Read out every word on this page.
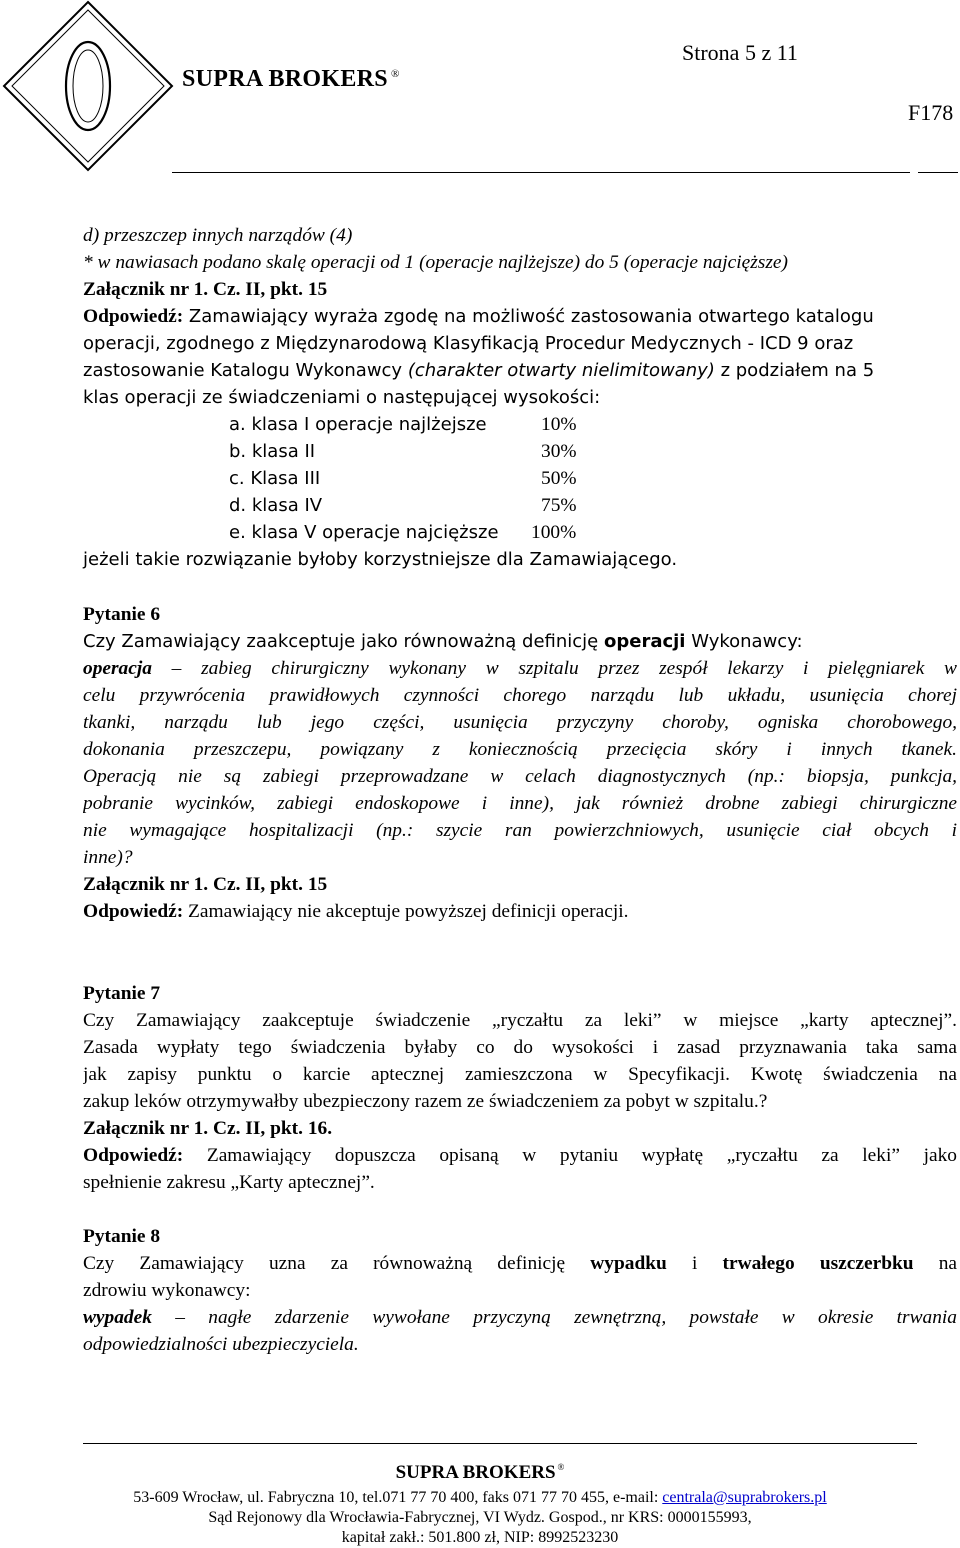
SUPRA BROKERS ®
Strona 5 z 11
F178
d) przeszczep innych narządów (4)
* w nawiasach podano skalę operacji od 1 (operacje najlżejsze) do 5 (operacje najcięższe)
Załącznik nr 1. Cz. II, pkt. 15
Odpowiedź: Zamawiający wyraża zgodę na możliwość zastosowania otwartego katalogu
operacji, zgodnego z Międzynarodową Klasyfikacją Procedur Medycznych - ICD 9 oraz
zastosowanie Katalogu Wykonawcy (charakter otwarty nielimitowany) z podziałem na 5
klas operacji ze świadczeniami o następującej wysokości:
a. klasa I operacje najlżejsze	10%
b. klasa II	30%
c. Klasa III	50%
d. klasa IV	75%
e. klasa V operacje najcięższe 100%
jeżeli takie rozwiązanie byłoby korzystniejsze dla Zamawiającego.
Pytanie 6
Czy Zamawiający zaakceptuje jako równoważną definicję operacji Wykonawcy:
operacja – zabieg chirurgiczny wykonany w szpitalu przez zespół lekarzy i pielęgniarek w
celu przywrócenia prawidłowych czynności chorego narządu lub układu, usunięcia chorej
tkanki, narządu lub jego części, usunięcia przyczyny choroby, ogniska chorobowego,
dokonania przeszczepu, powiązany z koniecznością przecięcia skóry i innych tkanek.
Operacją nie są zabiegi przeprowadzane w celach diagnostycznych (np.: biopsja, punkcja,
pobranie wycinków, zabiegi endoskopowe i inne), jak również drobne zabiegi chirurgiczne
nie wymagające hospitalizacji (np.: szycie ran powierzchniowych, usunięcie ciał obcych i
inne)?
Załącznik nr 1. Cz. II, pkt. 15
Odpowiedź: Zamawiający nie akceptuje powyższej definicji operacji.
Pytanie 7
Czy Zamawiający zaakceptuje świadczenie „ryczałtu za leki” w miejsce „karty aptecznej”.
Zasada wypłaty tego świadczenia byłaby co do wysokości i zasad przyznawania taka sama
jak zapisy punktu o karcie aptecznej zamieszczona w Specyfikacji. Kwotę świadczenia na
zakup leków otrzymywałby ubezpieczony razem ze świadczeniem za pobyt w szpitalu.?
Załącznik nr 1. Cz. II, pkt. 16.
Odpowiedź: Zamawiający dopuszcza opisaną w pytaniu wypłatę „ryczałtu za leki” jako
spełnienie zakresu „Karty aptecznej”.
Pytanie 8
Czy Zamawiający uzna za równoważną definicję wypadku i trwałego uszczerbku na
zdrowiu wykonawcy:
wypadek – nagłe zdarzenie wywołane przyczyną zewnętrzną, powstałe w okresie trwania
odpowiedzialności ubezpieczyciela.
SUPRA BROKERS ®
53-609 Wrocław, ul. Fabryczna 10, tel.071 77 70 400, faks 071 77 70 455, e-mail: centrala@suprabrokers.pl
Sąd Rejonowy dla Wrocławia-Fabrycznej, VI Wydz. Gospod., nr KRS: 0000155993,
kapitał zakł.: 501.800 zł, NIP: 8992523230
